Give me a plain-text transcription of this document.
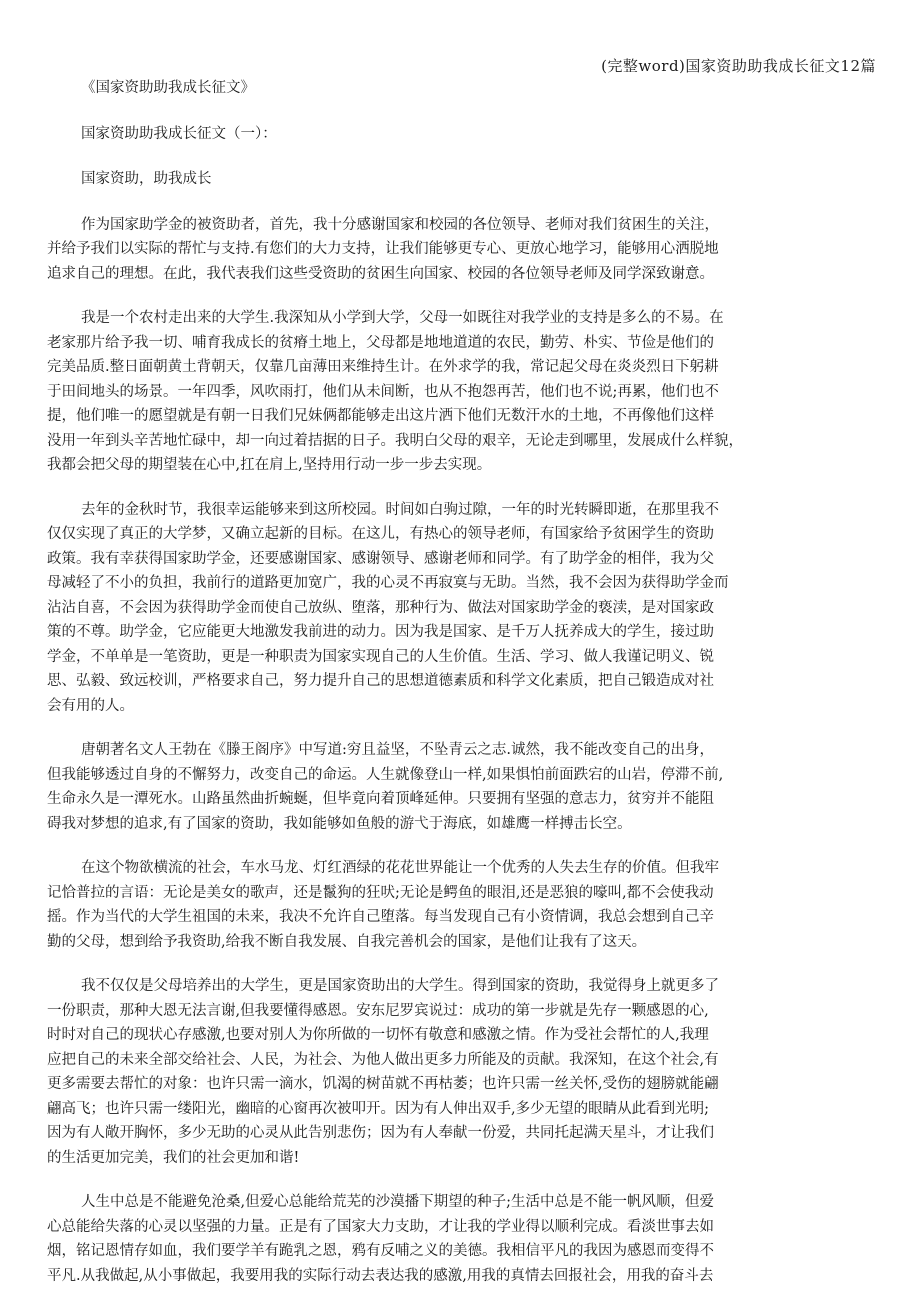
(完整word)国家资助助我成长征文12篇
《国家资助助我成长征文》
国家资助助我成长征文（一）：
国家资助，助我成长
作为国家助学金的被资助者，首先，我十分感谢国家和校园的各位领导、老师对我们贫困生的关注，
并给予我们以实际的帮忙与支持.有您们的大力支持，让我们能够更专心、更放心地学习，能够用心洒脱地
追求自己的理想。在此，我代表我们这些受资助的贫困生向国家、校园的各位领导老师及同学深致谢意。
我是一个农村走出来的大学生.我深知从小学到大学，父母一如既往对我学业的支持是多么的不易。在
老家那片给予我一切、哺育我成长的贫瘠土地上，父母都是地地道道的农民，勤劳、朴实、节俭是他们的
完美品质.整日面朝黄土背朝天，仅靠几亩薄田来维持生计。在外求学的我，常记起父母在炎炎烈日下躬耕
于田间地头的场景。一年四季，风吹雨打，他们从未间断，也从不抱怨再苦，他们也不说;再累，他们也不
提，他们唯一的愿望就是有朝一日我们兄妹俩都能够走出这片洒下他们无数汗水的土地，不再像他们这样
没用一年到头辛苦地忙碌中，却一向过着拮据的日子。我明白父母的艰辛，无论走到哪里，发展成什么样貌，
我都会把父母的期望装在心中,扛在肩上,坚持用行动一步一步去实现。
去年的金秋时节，我很幸运能够来到这所校园。时间如白驹过隙，一年的时光转瞬即逝，在那里我不
仅仅实现了真正的大学梦，又确立起新的目标。在这儿，有热心的领导老师，有国家给予贫困学生的资助
政策。我有幸获得国家助学金，还要感谢国家、感谢领导、感谢老师和同学。有了助学金的相伴，我为父
母减轻了不小的负担，我前行的道路更加宽广，我的心灵不再寂寞与无助。当然，我不会因为获得助学金而
沾沾自喜，不会因为获得助学金而使自己放纵、堕落，那种行为、做法对国家助学金的亵渎，是对国家政
策的不尊。助学金，它应能更大地激发我前进的动力。因为我是国家、是千万人抚养成大的学生，接过助
学金，不单单是一笔资助，更是一种职责为国家实现自己的人生价值。生活、学习、做人我谨记明义、锐
思、弘毅、致远校训，严格要求自己，努力提升自己的思想道德素质和科学文化素质，把自己锻造成对社
会有用的人。
唐朝著名文人王勃在《滕王阁序》中写道:穷且益坚，不坠青云之志.诚然，我不能改变自己的出身，
但我能够透过自身的不懈努力，改变自己的命运。人生就像登山一样,如果惧怕前面跌宕的山岩，停滞不前,
生命永久是一潭死水。山路虽然曲折蜿蜒，但毕竟向着顶峰延伸。只要拥有坚强的意志力，贫穷并不能阻
碍我对梦想的追求,有了国家的资助，我如能够如鱼般的游弋于海底，如雄鹰一样搏击长空。
在这个物欲横流的社会，车水马龙、灯红酒绿的花花世界能让一个优秀的人失去生存的价值。但我牢
记恰普拉的言语：无论是美女的歌声，还是鬣狗的狂吠;无论是鳄鱼的眼泪,还是恶狼的嚎叫,都不会使我动
摇。作为当代的大学生祖国的未来，我决不允许自己堕落。每当发现自己有小资情调，我总会想到自己辛
勤的父母，想到给予我资助,给我不断自我发展、自我完善机会的国家，是他们让我有了这天。
我不仅仅是父母培养出的大学生，更是国家资助出的大学生。得到国家的资助，我觉得身上就更多了
一份职责，那种大恩无法言谢,但我要懂得感恩。安东尼罗宾说过：成功的第一步就是先存一颗感恩的心,
时时对自己的现状心存感激,也要对别人为你所做的一切怀有敬意和感激之情。作为受社会帮忙的人,我理
应把自己的未来全部交给社会、人民，为社会、为他人做出更多力所能及的贡献。我深知，在这个社会,有
更多需要去帮忙的对象：也许只需一滴水，饥渴的树苗就不再枯萎；也许只需一丝关怀,受伤的翅膀就能翩
翩高飞；也许只需一缕阳光，幽暗的心窗再次被叩开。因为有人伸出双手,多少无望的眼睛从此看到光明;
因为有人敞开胸怀，多少无助的心灵从此告别悲伤；因为有人奉献一份爱，共同托起满天星斗，才让我们
的生活更加完美，我们的社会更加和谐!
人生中总是不能避免沧桑,但爱心总能给荒芜的沙漠播下期望的种子;生活中总是不能一帆风顺，但爱
心总能给失落的心灵以坚强的力量。正是有了国家大力支助，才让我的学业得以顺利完成。看淡世事去如
烟，铭记恩情存如血，我们要学羊有跪乳之恩，鸦有反哺之义的美德。我相信平凡的我因为感恩而变得不
平凡.从我做起,从小事做起，我要用我的实际行动去表达我的感激,用我的真情去回报社会，用我的奋斗去
